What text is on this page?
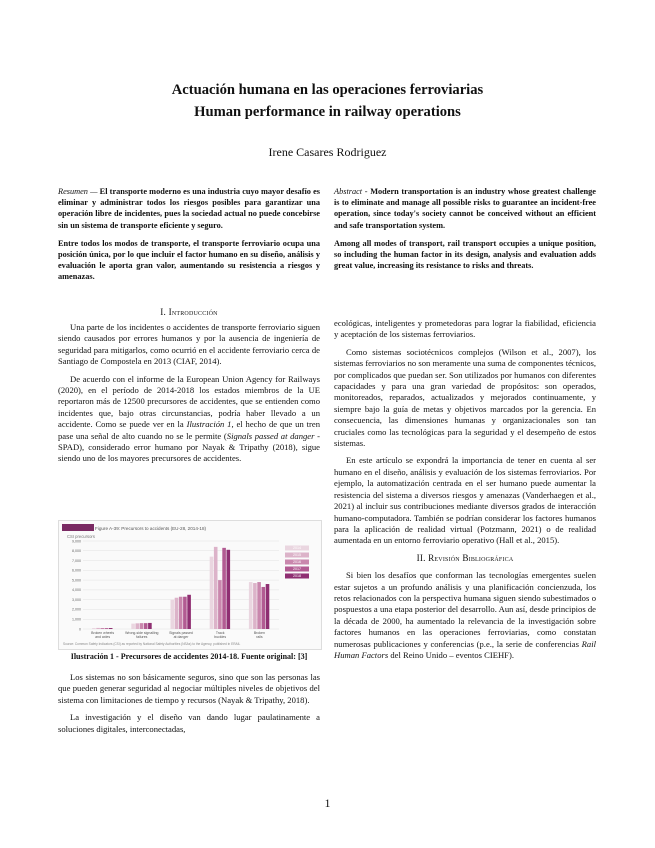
Actuación humana en las operaciones ferroviarias
Human performance in railway operations
Irene Casares Rodriguez
Resumen — El transporte moderno es una industria cuyo mayor desafío es eliminar y administrar todos los riesgos posibles para garantizar una operación libre de incidentes, pues la sociedad actual no puede concebirse sin un sistema de transporte eficiente y seguro.
Entre todos los modos de transporte, el transporte ferroviario ocupa una posición única, por lo que incluir el factor humano en su diseño, análisis y evaluación le aporta gran valor, aumentando su resistencia a riesgos y amenazas.
Abstract - Modern transportation is an industry whose greatest challenge is to eliminate and manage all possible risks to guarantee an incident-free operation, since today's society cannot be conceived without an efficient and safe transportation system.
Among all modes of transport, rail transport occupies a unique position, so including the human factor in its design, analysis and evaluation adds great value, increasing its resistance to risks and threats.
I. Introducción

Una parte de los incidentes o accidentes de transporte ferroviario siguen siendo causados por errores humanos y por la ausencia de ingeniería de seguridad para mitigarlos, como ocurrió en el accidente ferroviario cerca de Santiago de Compostela en 2013 (CIAF, 2014).

De acuerdo con el informe de la European Union Agency for Railways (2020), en el período de 2014-2018 los estados miembros de la UE reportaron más de 12500 precursores de accidentes, que se entienden como incidentes que, bajo otras circunstancias, podría haber llevado a un accidente. Como se puede ver en la Ilustración 1, el hecho de que un tren pase una señal de alto cuando no se le permite (Signals passed at danger - SPAD), considerado error humano por Nayak & Tripathy (2018), sigue siendo uno de los mayores precursores de accidentes.

Figure A-39: Precursors to accidents (EU-28, 2014-18)
CSI precursors
9,000
8,000
7,000
6,000
5,000
4,000
3,000
2,000
1,000
0
Broken wheels
and axles
Wrong-side signalling
failures
Signals passed
at danger
Track
buckles
Broken
rails
2014
2015
2016
2017
2018
Source: Common Safety Indicators (CSI) as reported by National Safety Authorities (NSAs) to the Agency, published in ERAIL
Ilustración 1 - Precursores de accidentes 2014-18. Fuente original: [3]

Los sistemas no son básicamente seguros, sino que son las personas las que pueden generar seguridad al negociar múltiples niveles de objetivos del sistema con limitaciones de tiempo y recursos (Nayak & Tripathy, 2018).

La investigación y el diseño van dando lugar paulatinamente a soluciones digitales, interconectadas,

ecológicas, inteligentes y prometedoras para lograr la fiabilidad, eficiencia y aceptación de los sistemas ferroviarios.

Como sistemas sociotécnicos complejos (Wilson et al., 2007), los sistemas ferroviarios no son meramente una suma de componentes técnicos, por complicados que puedan ser. Son utilizados por humanos con diferentes capacidades y para una gran variedad de propósitos: son operados, monitoreados, reparados, actualizados y mejorados continuamente, y siempre bajo la guía de metas y objetivos marcados por la gerencia. En consecuencia, las dimensiones humanas y organizacionales son tan cruciales como las tecnológicas para la seguridad y el desempeño de estos sistemas.

En este artículo se expondrá la importancia de tener en cuenta al ser humano en el diseño, análisis y evaluación de los sistemas ferroviarios. Por ejemplo, la automatización centrada en el ser humano puede aumentar la resistencia del sistema a diversos riesgos y amenazas (Vanderhaegen et al., 2021) al incluir sus contribuciones mediante diversos grados de interacción humano-computadora. También se podrían considerar los factores humanos para la aplicación de realidad virtual (Potzmann, 2021) o de realidad aumentada en un entorno ferroviario operativo (Hall et al., 2015).

II. Revisión Bibliográfica

Si bien los desafíos que conforman las tecnologías emergentes suelen estar sujetos a un profundo análisis y una planificación concienzuda, los retos relacionados con la perspectiva humana siguen siendo subestimados o pospuestos a una etapa posterior del desarrollo. Aun así, desde principios de la década de 2000, ha aumentado la relevancia de la investigación sobre factores humanos en las operaciones ferroviarias, como constatan numerosas publicaciones y conferencias (p.e., la serie de conferencias Rail Human Factors del Reino Unido – eventos CIEHF).

1
